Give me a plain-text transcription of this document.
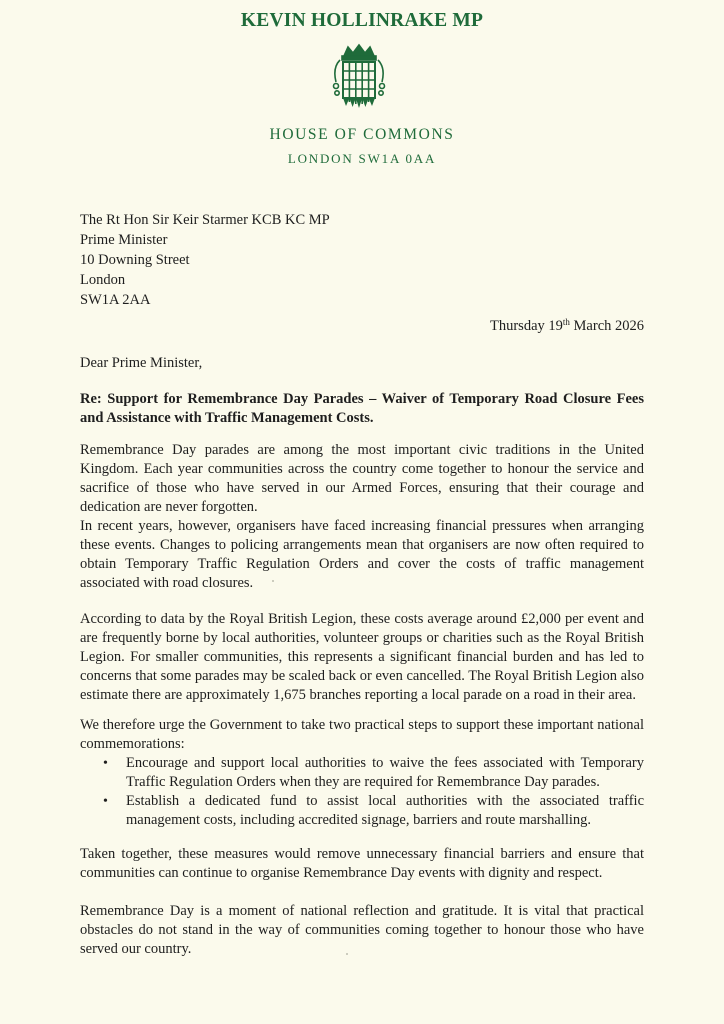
KEVIN HOLLINRAKE MP
HOUSE OF COMMONS
LONDON SW1A 0AA
The Rt Hon Sir Keir Starmer KCB KC MP
Prime Minister
10 Downing Street
London
SW1A 2AA
Thursday 19th March 2026
Dear Prime Minister,
Re: Support for Remembrance Day Parades – Waiver of Temporary Road Closure Fees and Assistance with Traffic Management Costs.

Remembrance Day parades are among the most important civic traditions in the United Kingdom. Each year communities across the country come together to honour the service and sacrifice of those who have served in our Armed Forces, ensuring that their courage and dedication are never forgotten.

In recent years, however, organisers have faced increasing financial pressures when arranging these events. Changes to policing arrangements mean that organisers are now often required to obtain Temporary Traffic Regulation Orders and cover the costs of traffic management associated with road closures.

According to data by the Royal British Legion, these costs average around £2,000 per event and are frequently borne by local authorities, volunteer groups or charities such as the Royal British Legion. For smaller communities, this represents a significant financial burden and has led to concerns that some parades may be scaled back or even cancelled. The Royal British Legion also estimate there are approximately 1,675 branches reporting a local parade on a road in their area.

We therefore urge the Government to take two practical steps to support these important national commemorations:

• Encourage and support local authorities to waive the fees associated with Temporary Traffic Regulation Orders when they are required for Remembrance Day parades.
• Establish a dedicated fund to assist local authorities with the associated traffic management costs, including accredited signage, barriers and route marshalling.

Taken together, these measures would remove unnecessary financial barriers and ensure that communities can continue to organise Remembrance Day events with dignity and respect.

Remembrance Day is a moment of national reflection and gratitude. It is vital that practical obstacles do not stand in the way of communities coming together to honour those who have served our country.
